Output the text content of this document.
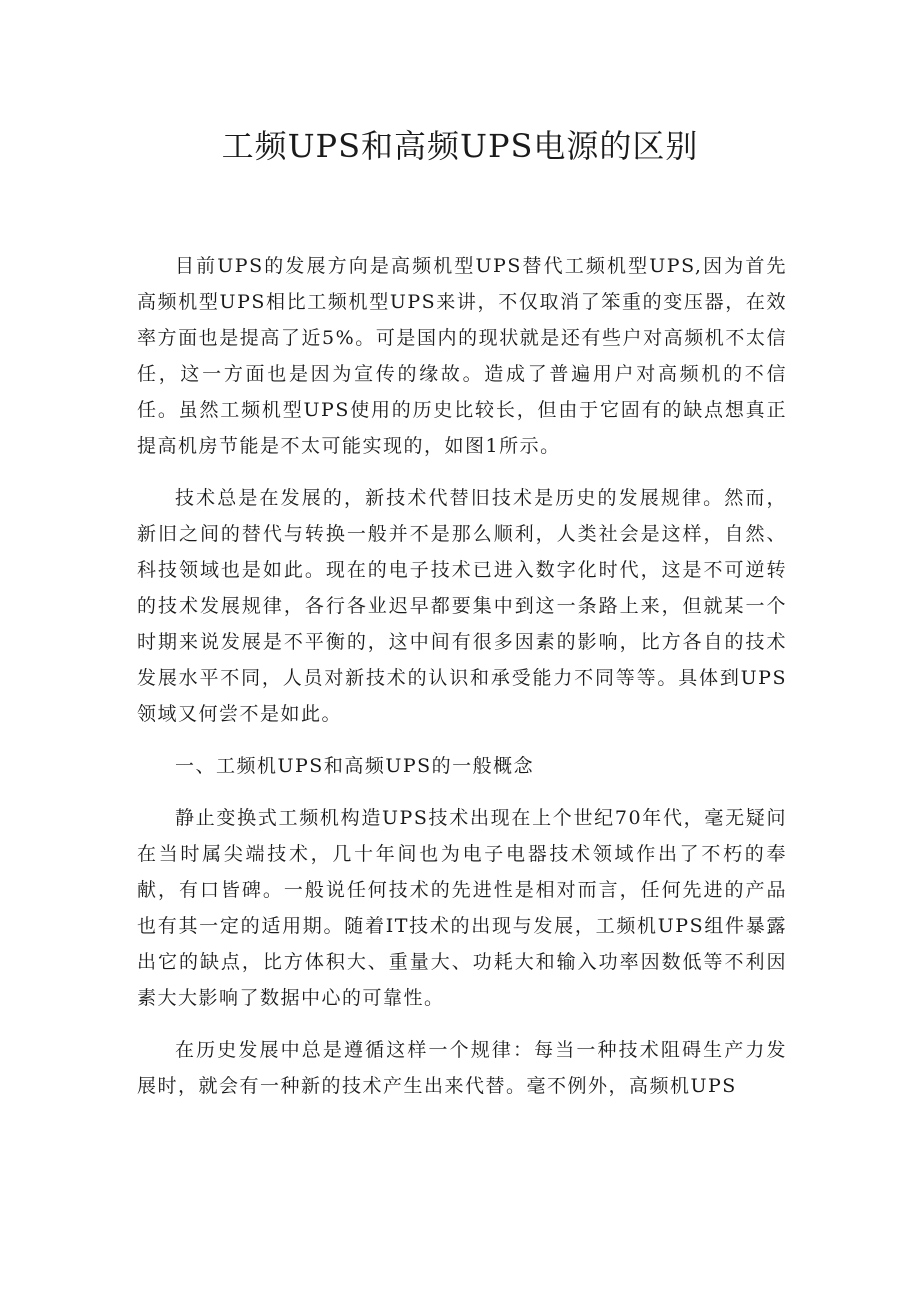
工频UPS和高频UPS电源的区别

目前UPS的发展方向是高频机型UPS替代工频机型UPS,因为首先高频机型UPS相比工频机型UPS来讲，不仅取消了笨重的变压器，在效率方面也是提高了近5%。可是国内的现状就是还有些户对高频机不太信任，这一方面也是因为宣传的缘故。造成了普遍用户对高频机的不信任。虽然工频机型UPS使用的历史比较长，但由于它固有的缺点想真正提高机房节能是不太可能实现的，如图1所示。

技术总是在发展的，新技术代替旧技术是历史的发展规律。然而，新旧之间的替代与转换一般并不是那么顺利，人类社会是这样，自然、科技领域也是如此。现在的电子技术已进入数字化时代，这是不可逆转的技术发展规律，各行各业迟早都要集中到这一条路上来，但就某一个时期来说发展是不平衡的，这中间有很多因素的影响，比方各自的技术发展水平不同，人员对新技术的认识和承受能力不同等等。具体到UPS领域又何尝不是如此。

一、工频机UPS和高频UPS的一般概念

静止变换式工频机构造UPS技术出现在上个世纪70年代，毫无疑问在当时属尖端技术，几十年间也为电子电器技术领域作出了不朽的奉献，有口皆碑。一般说任何技术的先进性是相对而言，任何先进的产品也有其一定的适用期。随着IT技术的出现与发展，工频机UPS组件暴露出它的缺点，比方体积大、重量大、功耗大和输入功率因数低等不利因素大大影响了数据中心的可靠性。

在历史发展中总是遵循这样一个规律：每当一种技术阻碍生产力发展时，就会有一种新的技术产生出来代替。毫不例外，高频机UPS
